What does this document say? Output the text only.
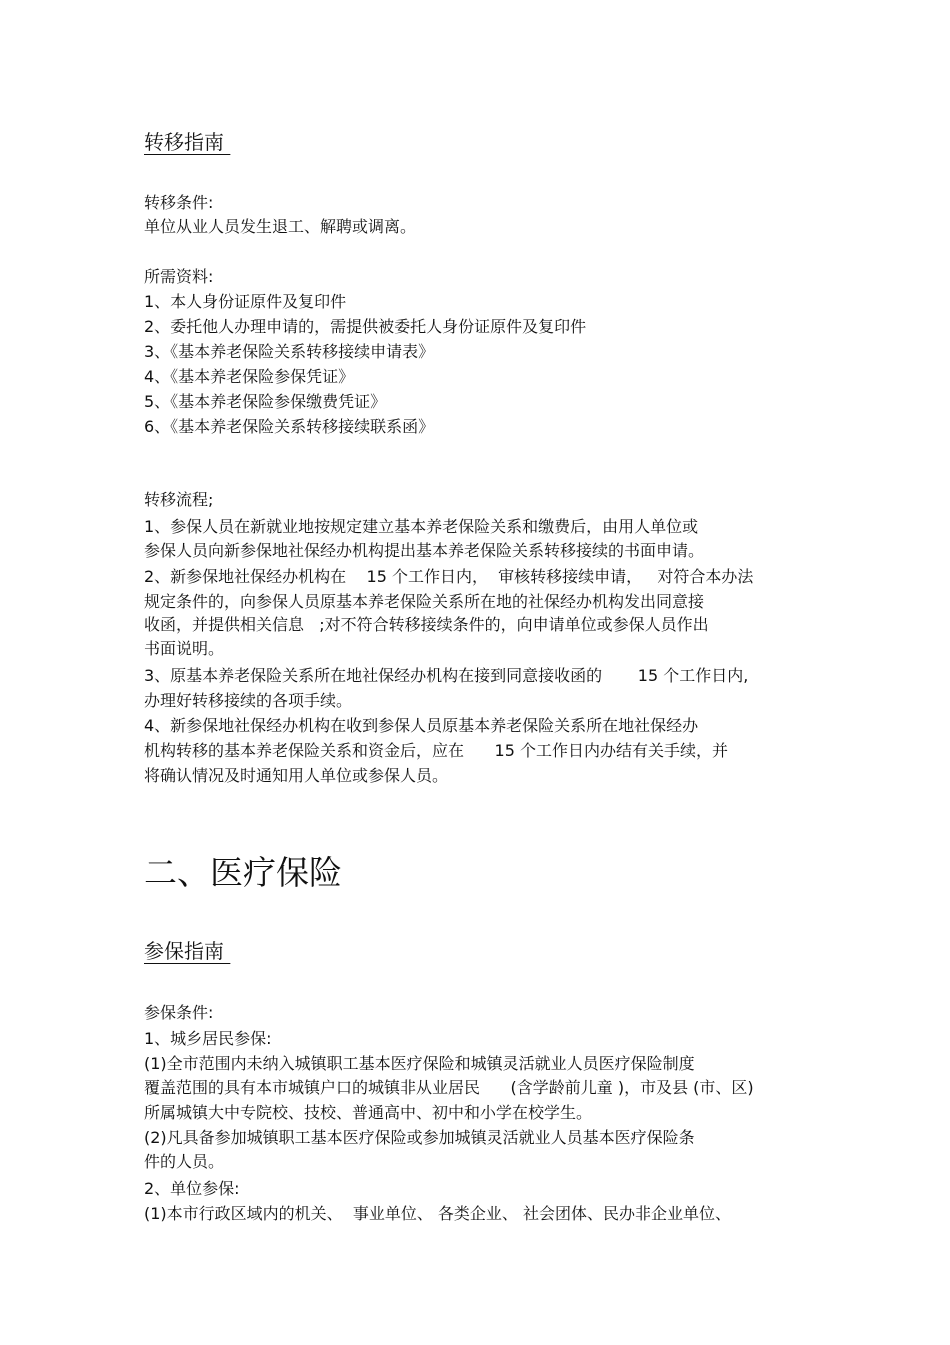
转移指南
转移条件:
单位从业人员发生退工、解聘或调离。
所需资料:
1、本人身份证原件及复印件
2、委托他人办理申请的，需提供被委托人身份证原件及复印件
3、《基本养老保险关系转移接续申请表》
4、《基本养老保险参保凭证》
5、《基本养老保险参保缴费凭证》
6、《基本养老保险关系转移接续联系函》
转移流程;
1、参保人员在新就业地按规定建立基本养老保险关系和缴费后，由用人单位或
参保人员向新参保地社保经办机构提出基本养老保险关系转移接续的书面申请。
2、新参保地社保经办机构在    15 个工作日内，  审核转移接续申请，   对符合本办法
规定条件的，向参保人员原基本养老保险关系所在地的社保经办机构发出同意接
收函，并提供相关信息   ;对不符合转移接续条件的，向申请单位或参保人员作出
书面说明。
3、原基本养老保险关系所在地社保经办机构在接到同意接收函的       15 个工作日内,
办理好转移接续的各项手续。
4、新参保地社保经办机构在收到参保人员原基本养老保险关系所在地社保经办
机构转移的基本养老保险关系和资金后，应在      15 个工作日内办结有关手续，并
将确认情况及时通知用人单位或参保人员。
二、医疗保险
参保指南
参保条件:
1、城乡居民参保:
(1)全市范围内未纳入城镇职工基本医疗保险和城镇灵活就业人员医疗保险制度
覆盖范围的具有本市城镇户口的城镇非从业居民      (含学龄前儿童 )，市及县 (市、区)
所属城镇大中专院校、技校、普通高中、初中和小学在校学生。
(2)凡具备参加城镇职工基本医疗保险或参加城镇灵活就业人员基本医疗保险条
件的人员。
2、单位参保:
(1)本市行政区域内的机关、  事业单位、 各类企业、 社会团体、民办非企业单位、
